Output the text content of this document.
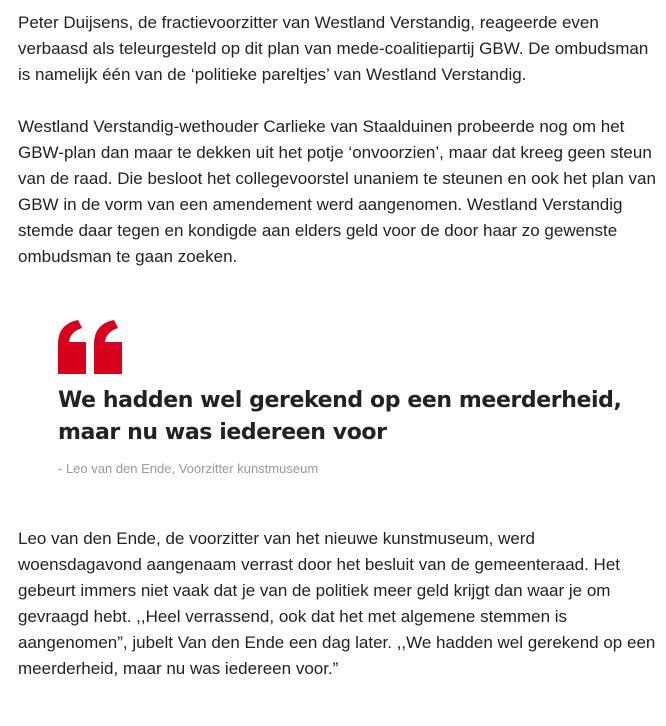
Peter Duijsens, de fractievoorzitter van Westland Verstandig, reageerde even verbaasd als teleurgesteld op dit plan van mede-coalitiepartij GBW. De ombudsman is namelijk één van de ‘politieke pareltjes’ van Westland Verstandig.

Westland Verstandig-wethouder Carlieke van Staalduinen probeerde nog om het GBW-plan dan maar te dekken uit het potje ‘onvoorzien’, maar dat kreeg geen steun van de raad. Die besloot het collegevoorstel unaniem te steunen en ook het plan van GBW in de vorm van een amendement werd aangenomen. Westland Verstandig stemde daar tegen en kondigde aan elders geld voor de door haar zo gewenste ombudsman te gaan zoeken.

We hadden wel gerekend op een meerderheid, maar nu was iedereen voor

- Leo van den Ende, Voorzitter kunstmuseum

Leo van den Ende, de voorzitter van het nieuwe kunstmuseum, werd woensdagavond aangenaam verrast door het besluit van de gemeenteraad. Het gebeurt immers niet vaak dat je van de politiek meer geld krijgt dan waar je om gevraagd hebt. ,,Heel verrassend, ook dat het met algemene stemmen is aangenomen”, jubelt Van den Ende een dag later. ,,We hadden wel gerekend op een meerderheid, maar nu was iedereen voor.”
